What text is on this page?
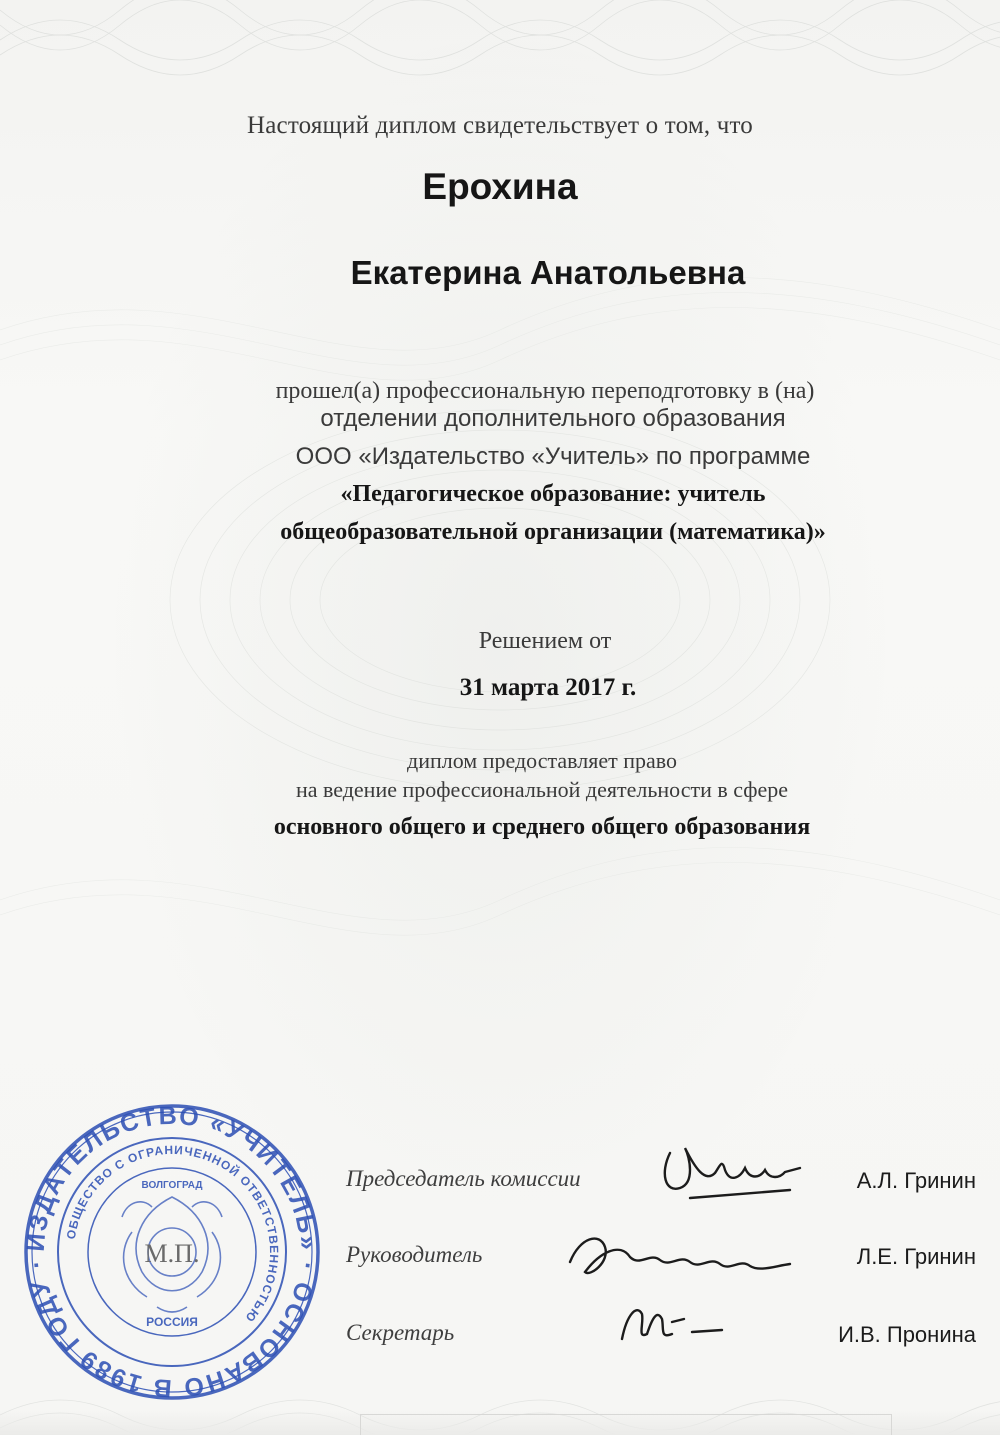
Настоящий диплом свидетельствует о том, что
Ерохина
Екатерина Анатольевна
прошел(а) профессиональную переподготовку в (на)
отделении дополнительного образования
ООО «Издательство «Учитель» по программе
«Педагогическое образование: учитель
общеобразовательной организации (математика)»
Решением от
31 марта 2017 г.
диплом предоставляет право
на ведение профессиональной деятельности в сфере
основного общего и среднего общего образования
ИЗДАТЕЛЬСТВО «УЧИТЕЛЬ» · ОСНОВАНО В 1989 ГОДУ ·
ОБЩЕСТВО С ОГРАНИЧЕННОЙ ОТВЕТСТВЕННОСТЬЮ
ВОЛГОГРАД
РОССИЯ
М.П.
Председатель комиссии
Руководитель
Секретарь
А.Л. Гринин
Л.Е. Гринин
И.В. Пронина
